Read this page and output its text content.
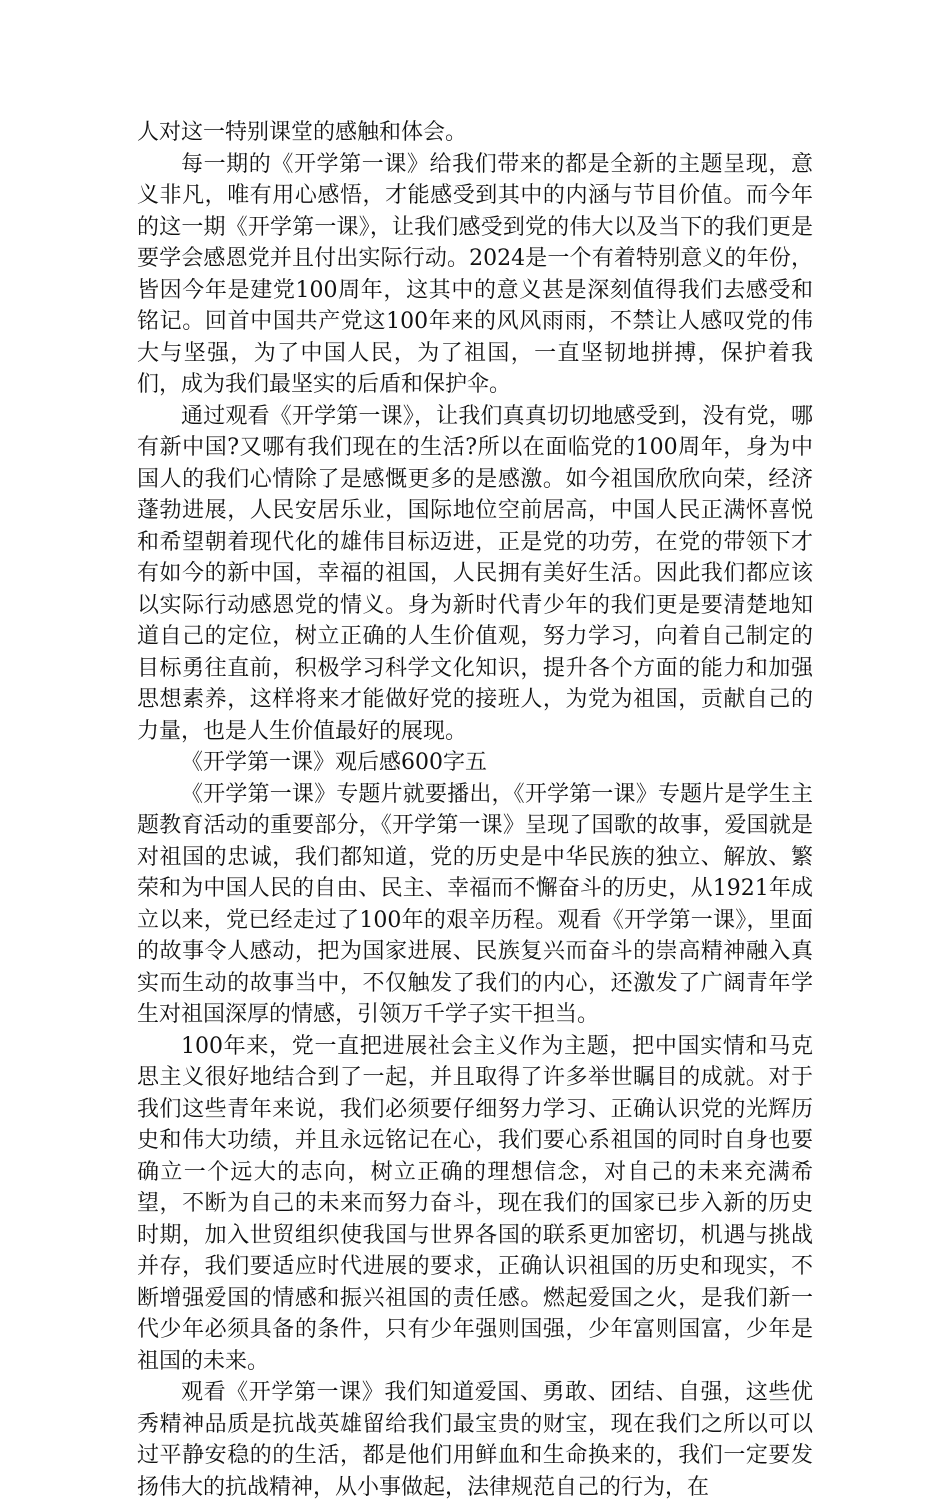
人对这一特别课堂的感触和体会。

每一期的《开学第一课》给我们带来的都是全新的主题呈现，意义非凡，唯有用心感悟，才能感受到其中的内涵与节目价值。而今年的这一期《开学第一课》，让我们感受到党的伟大以及当下的我们更是要学会感恩党并且付出实际行动。2024是一个有着特别意义的年份，皆因今年是建党100周年，这其中的意义甚是深刻值得我们去感受和铭记。回首中国共产党这100年来的风风雨雨，不禁让人感叹党的伟大与坚强，为了中国人民，为了祖国，一直坚韧地拼搏，保护着我们，成为我们最坚实的后盾和保护伞。

通过观看《开学第一课》，让我们真真切切地感受到，没有党，哪有新中国?又哪有我们现在的生活?所以在面临党的100周年，身为中国人的我们心情除了是感慨更多的是感激。如今祖国欣欣向荣，经济蓬勃进展，人民安居乐业，国际地位空前居高，中国人民正满怀喜悦和希望朝着现代化的雄伟目标迈进，正是党的功劳，在党的带领下才有如今的新中国，幸福的祖国，人民拥有美好生活。因此我们都应该以实际行动感恩党的情义。身为新时代青少年的我们更是要清楚地知道自己的定位，树立正确的人生价值观，努力学习，向着自己制定的目标勇往直前，积极学习科学文化知识，提升各个方面的能力和加强思想素养，这样将来才能做好党的接班人，为党为祖国，贡献自己的力量，也是人生价值最好的展现。

《开学第一课》观后感600字五

《开学第一课》专题片就要播出，《开学第一课》专题片是学生主题教育活动的重要部分，《开学第一课》呈现了国歌的故事，爱国就是对祖国的忠诚，我们都知道，党的历史是中华民族的独立、解放、繁荣和为中国人民的自由、民主、幸福而不懈奋斗的历史，从1921年成立以来，党已经走过了100年的艰辛历程。观看《开学第一课》，里面的故事令人感动，把为国家进展、民族复兴而奋斗的崇高精神融入真实而生动的故事当中，不仅触发了我们的内心，还激发了广阔青年学生对祖国深厚的情感，引领万千学子实干担当。

100年来，党一直把进展社会主义作为主题，把中国实情和马克思主义很好地结合到了一起，并且取得了许多举世瞩目的成就。对于我们这些青年来说，我们必须要仔细努力学习、正确认识党的光辉历史和伟大功绩，并且永远铭记在心，我们要心系祖国的同时自身也要确立一个远大的志向，树立正确的理想信念，对自己的未来充满希望，不断为自己的未来而努力奋斗，现在我们的国家已步入新的历史时期，加入世贸组织使我国与世界各国的联系更加密切，机遇与挑战并存，我们要适应时代进展的要求，正确认识祖国的历史和现实，不断增强爱国的情感和振兴祖国的责任感。燃起爱国之火，是我们新一代少年必须具备的条件，只有少年强则国强，少年富则国富，少年是祖国的未来。

观看《开学第一课》我们知道爱国、勇敢、团结、自强，这些优秀精神品质是抗战英雄留给我们最宝贵的财宝，现在我们之所以可以过平静安稳的的生活，都是他们用鲜血和生命换来的，我们一定要发扬伟大的抗战精神，从小事做起，法律规范自己的行为，在
